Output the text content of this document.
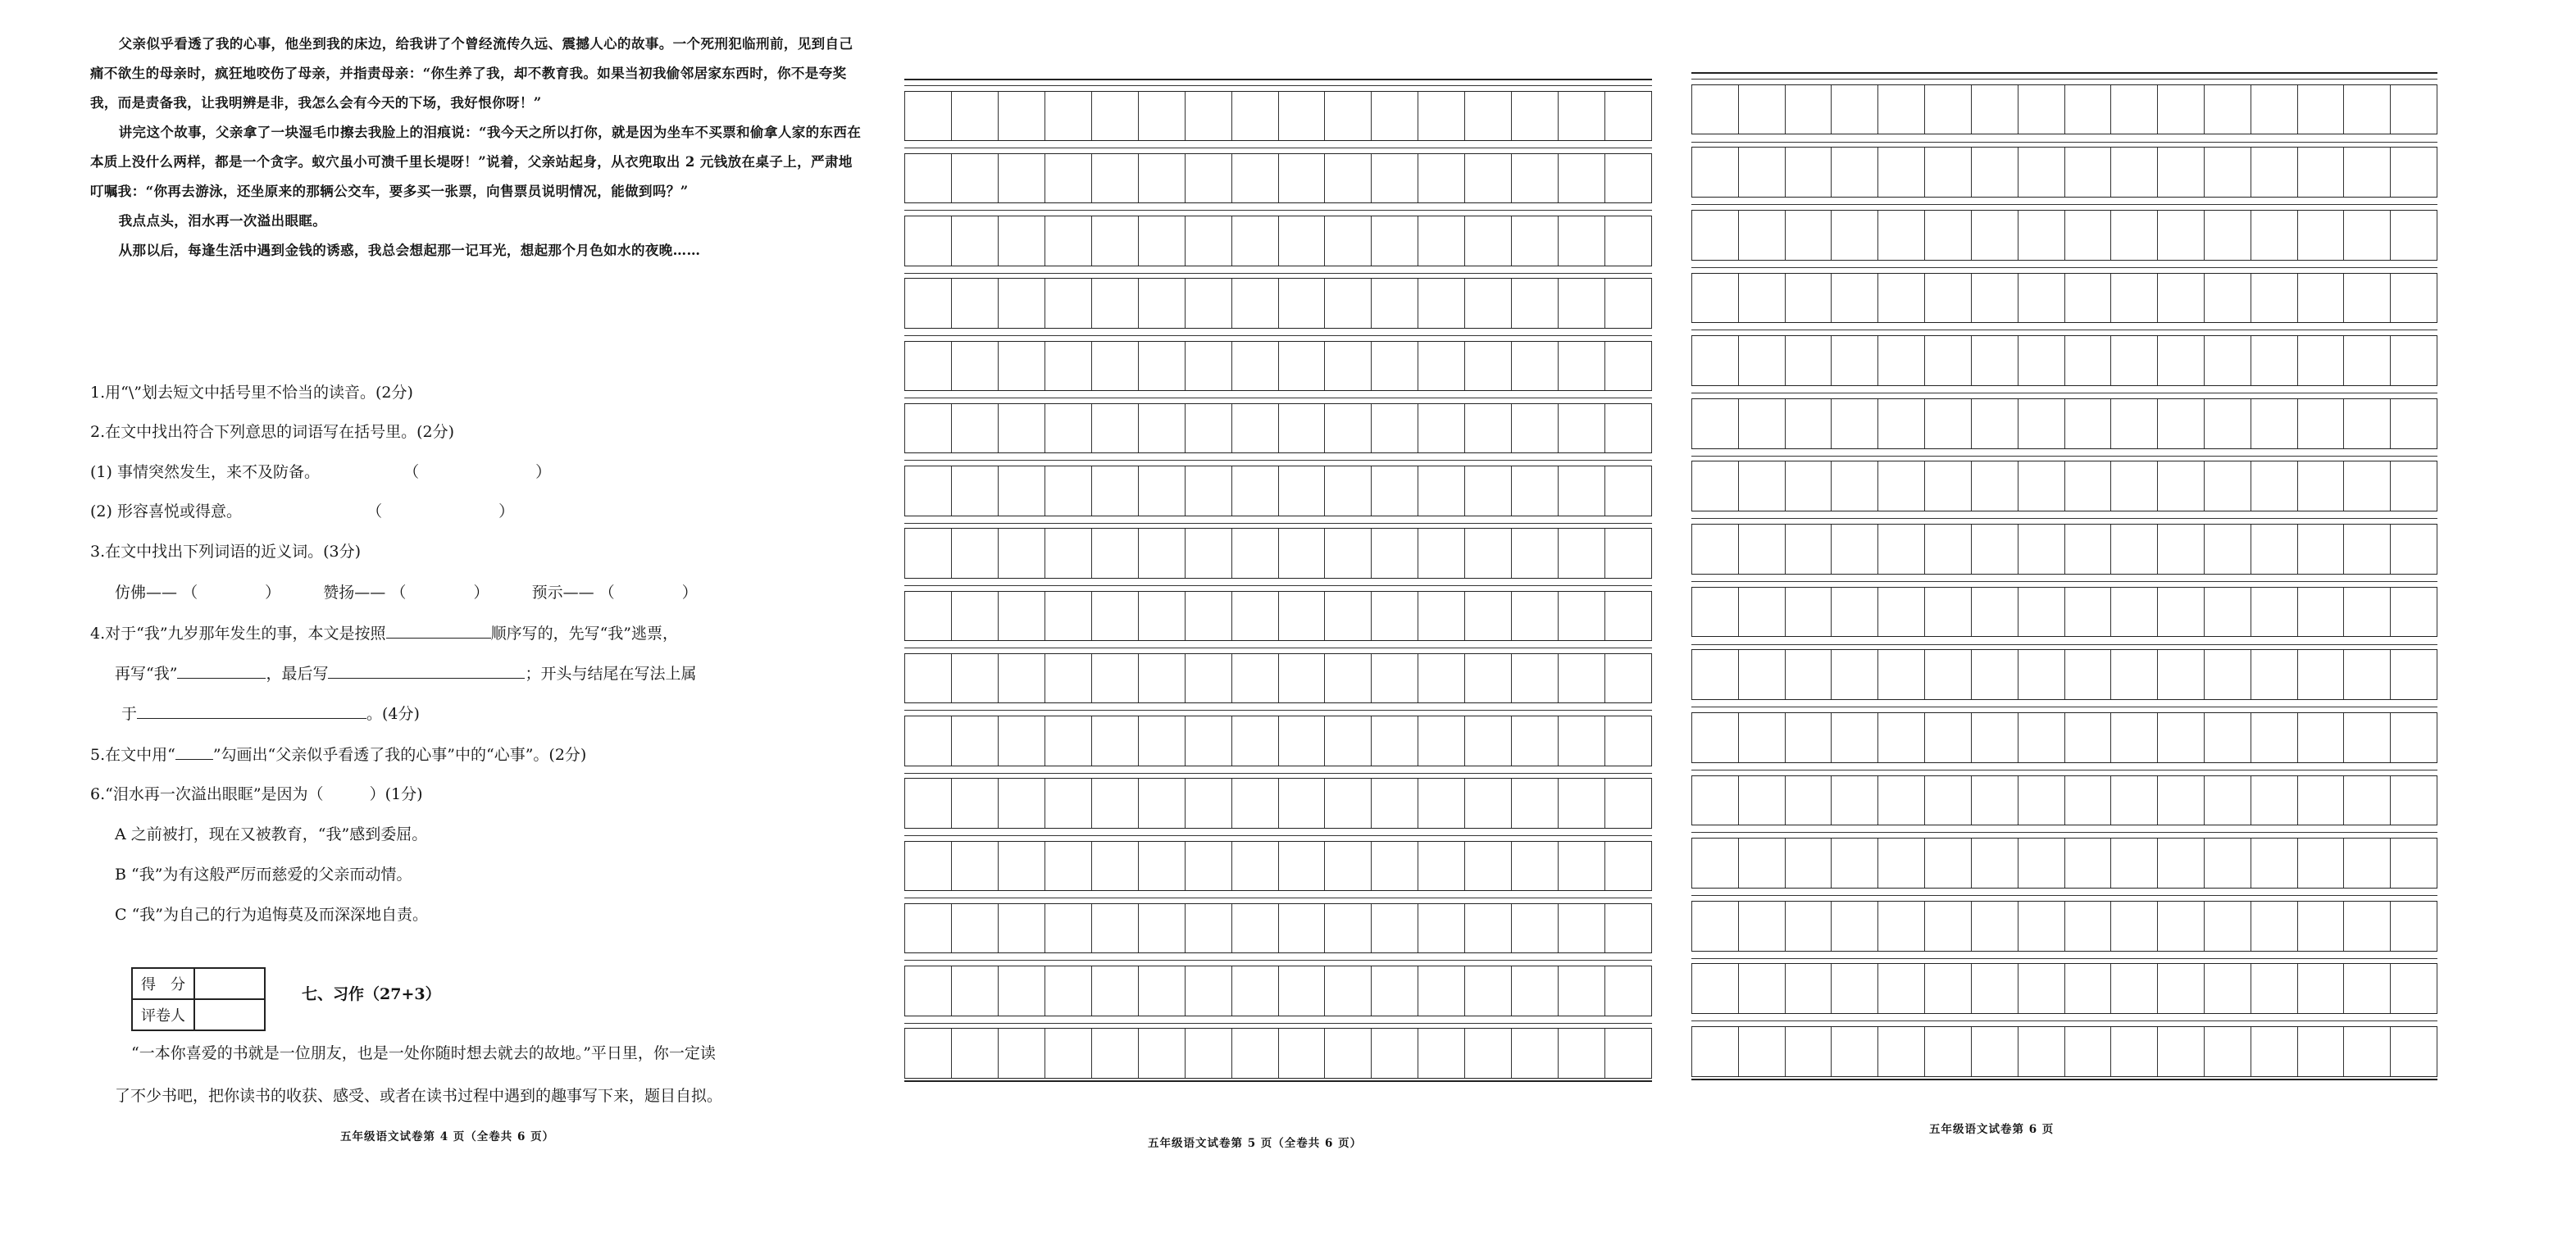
父亲似乎看透了我的心事，他坐到我的床边，给我讲了个曾经流传久远、震撼人心的故事。一个死刑犯临刑前，见到自己痛不欲生的母亲时，疯狂地咬伤了母亲，并指责母亲：“你生养了我，却不教育我。如果当初我偷邻居家东西时，你不是夸奖我，而是责备我，让我明辨是非，我怎么会有今天的下场，我好恨你呀！”

讲完这个故事，父亲拿了一块湿毛巾擦去我脸上的泪痕说：“我今天之所以打你，就是因为坐车不买票和偷拿人家的东西在本质上没什么两样，都是一个贪字。蚁穴虽小可溃千里长堤呀！”说着，父亲站起身，从衣兜取出 2 元钱放在桌子上，严肃地叮嘱我：“你再去游泳，还坐原来的那辆公交车，要多买一张票，向售票员说明情况，能做到吗？”

我点点头，泪水再一次溢出眼眶。

从那以后，每逢生活中遇到金钱的诱惑，我总会想起那一记耳光，想起那个月色如水的夜晚……

1.用“\”划去短文中括号里不恰当的读音。(2分)
2.在文中找出符合下列意思的词语写在括号里。(2分)
(1) 事情突然发生，来不及防备。	（	）
(2) 形容喜悦或得意。	（	）
3.在文中找出下列词语的近义词。(3分)
仿佛—— （	）	赞扬—— （	）	预示—— （	）
4.对于“我”九岁那年发生的事，本文是按照	顺序写的，先写“我”逃票，
再写“我”	，最后写	；开头与结尾在写法上属
于	。(4分)
5.在文中用“ ”勾画出“父亲似乎看透了我的心事”中的“心事”。(2分)
6.“泪水再一次溢出眼眶”是因为（	）(1分)
A 之前被打，现在又被教育，“我”感到委屈。
B “我”为有这般严厉而慈爱的父亲而动情。
C “我”为自己的行为追悔莫及而深深地自责。
得　分	
评卷人	
七、习作（27+3）
“一本你喜爱的书就是一位朋友，也是一处你随时想去就去的故地。”平日里，你一定读
了不少书吧，把你读书的收获、感受、或者在读书过程中遇到的趣事写下来，题目自拟。
五年级语文试卷第 4 页（全卷共 6 页）	五年级语文试卷第 5 页（全卷共 6 页）
五年级语文试卷第 6 页
